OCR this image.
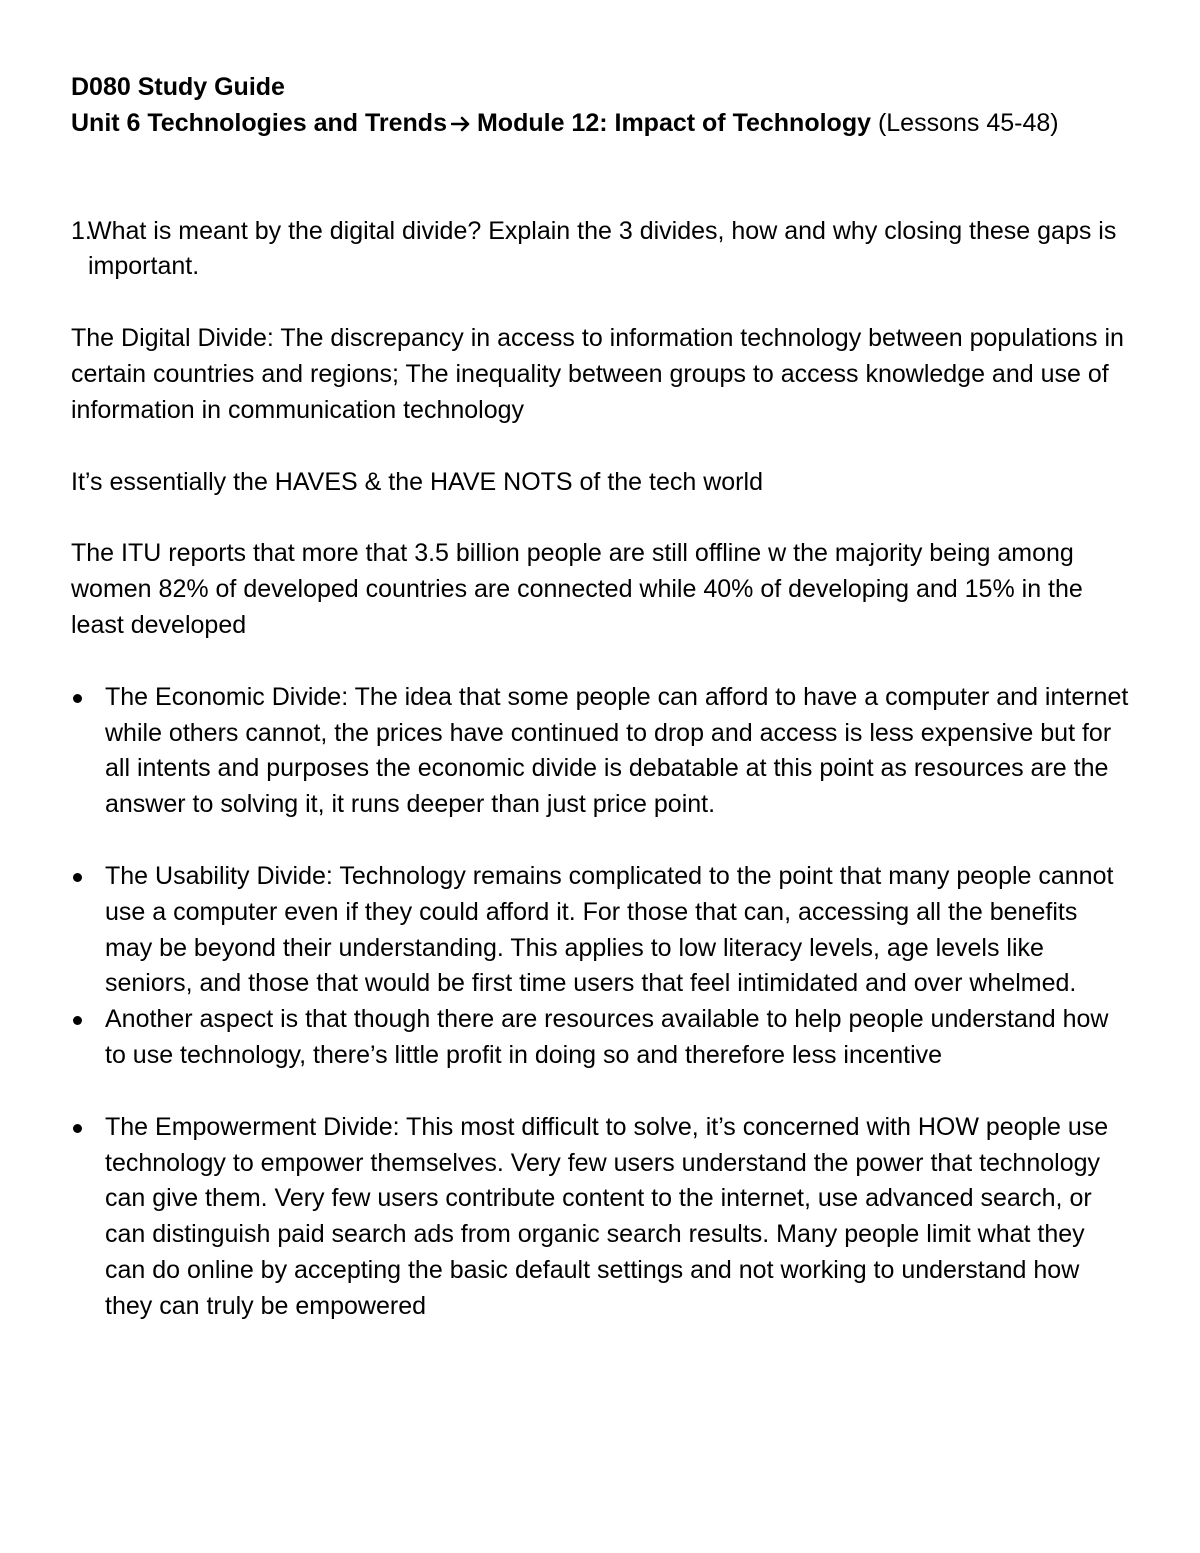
D080 Study Guide

Unit 6 Technologies and Trends Module 12: Impact of Technology (Lessons 45-48)

1.
What is meant by the digital divide? Explain the 3 divides, how and why closing these gaps is important.

The Digital Divide: The discrepancy in access to information technology between populations in certain countries and regions; The inequality between groups to access knowledge and use of information in communication technology

It’s essentially the HAVES & the HAVE NOTS of the tech world

The ITU reports that more that 3.5 billion people are still offline w the majority being among women 82% of developed countries are connected while 40% of developing and 15% in the least developed

The Economic Divide: The idea that some people can afford to have a computer and internet while others cannot, the prices have continued to drop and access is less expensive but for all intents and purposes the economic divide is debatable at this point as resources are the answer to solving it, it runs deeper than just price point.
The Usability Divide: Technology remains complicated to the point that many people cannot use a computer even if they could afford it. For those that can, accessing all the benefits may be beyond their understanding. This applies to low literacy levels, age levels like seniors, and those that would be first time users that feel intimidated and over whelmed.
Another aspect is that though there are resources available to help people understand how to use technology, there’s little profit in doing so and therefore less incentive
The Empowerment Divide: This most difficult to solve, it’s concerned with HOW people use technology to empower themselves. Very few users understand the power that technology can give them. Very few users contribute content to the internet, use advanced search, or can distinguish paid search ads from organic search results. Many people limit what they can do online by accepting the basic default settings and not working to understand how they can truly be empowered
